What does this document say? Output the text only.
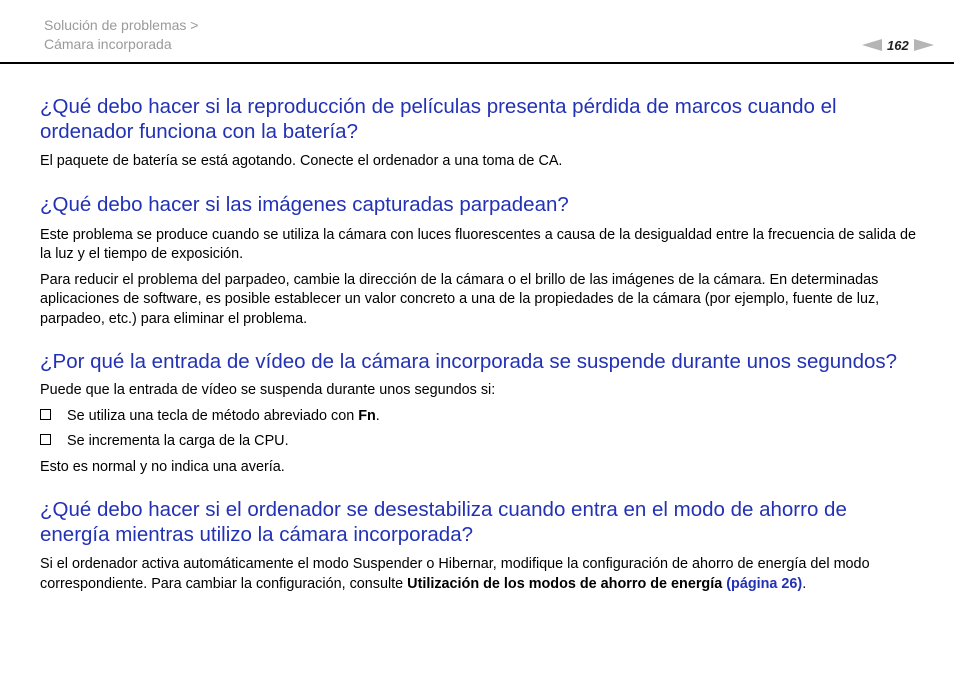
Solución de problemas >
Cámara incorporada	162
¿Qué debo hacer si la reproducción de películas presenta pérdida de marcos cuando el ordenador funciona con la batería?

El paquete de batería se está agotando. Conecte el ordenador a una toma de CA.

¿Qué debo hacer si las imágenes capturadas parpadean?

Este problema se produce cuando se utiliza la cámara con luces fluorescentes a causa de la desigualdad entre la frecuencia de salida de la luz y el tiempo de exposición.

Para reducir el problema del parpadeo, cambie la dirección de la cámara o el brillo de las imágenes de la cámara. En determinadas aplicaciones de software, es posible establecer un valor concreto a una de la propiedades de la cámara (por ejemplo, fuente de luz, parpadeo, etc.) para eliminar el problema.

¿Por qué la entrada de vídeo de la cámara incorporada se suspende durante unos segundos?

Puede que la entrada de vídeo se suspenda durante unos segundos si:

Se utiliza una tecla de método abreviado con Fn.
Se incrementa la carga de la CPU.

Esto es normal y no indica una avería.

¿Qué debo hacer si el ordenador se desestabiliza cuando entra en el modo de ahorro de energía mientras utilizo la cámara incorporada?

Si el ordenador activa automáticamente el modo Suspender o Hibernar, modifique la configuración de ahorro de energía del modo correspondiente. Para cambiar la configuración, consulte Utilización de los modos de ahorro de energía (página 26).
